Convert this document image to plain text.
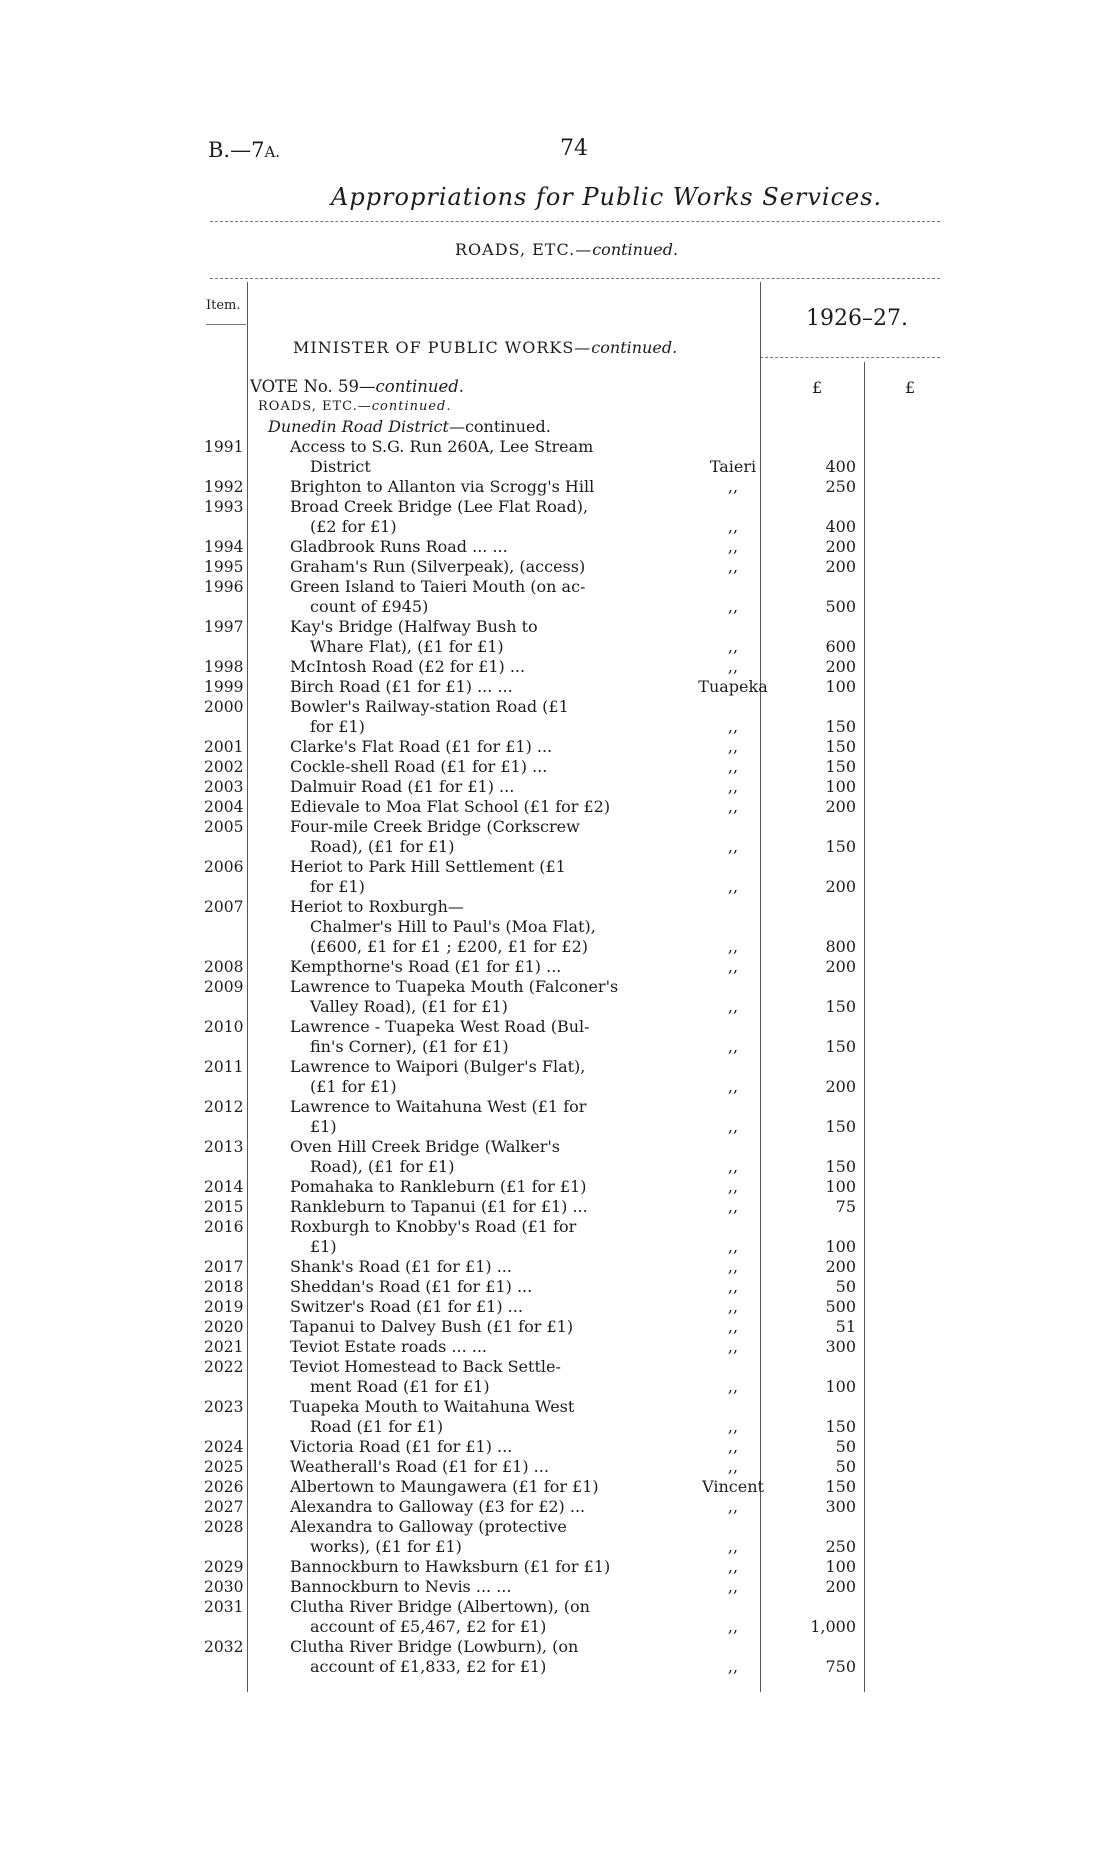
B.—7A.	74
Appropriations for Public Works Services.
ROADS, ETC.—continued.
Item.
1926–27.
MINISTER OF PUBLIC WORKS—continued.
£	£
VOTE No. 59—continued.
ROADS, ETC.—continued.
Dunedin Road District—continued.
1991	Access to S.G. Run 260A, Lee Stream
District	Taieri	400
1992	Brighton to Allanton via Scrogg's Hill	,,	250
1993	Broad Creek Bridge (Lee Flat Road),
(£2 for £1)	,,	400
1994	Gladbrook Runs Road ... ...	,,	200
1995	Graham's Run (Silverpeak), (access)	,,	200
1996	Green Island to Taieri Mouth (on ac-
count of £945)	,,	500
1997	Kay's Bridge (Halfway Bush to
Whare Flat), (£1 for £1)	,,	600
1998	McIntosh Road (£2 for £1) ...	,,	200
1999	Birch Road (£1 for £1) ... ...	Tuapeka	100
2000	Bowler's Railway-station Road (£1
for £1)	,,	150
2001	Clarke's Flat Road (£1 for £1) ...	,,	150
2002	Cockle-shell Road (£1 for £1) ...	,,	150
2003	Dalmuir Road (£1 for £1) ...	,,	100
2004	Edievale to Moa Flat School (£1 for £2)	,,	200
2005	Four-mile Creek Bridge (Corkscrew
Road), (£1 for £1)	,,	150
2006	Heriot to Park Hill Settlement (£1
for £1)	,,	200
2007	Heriot to Roxburgh—
Chalmer's Hill to Paul's (Moa Flat),
(£600, £1 for £1 ; £200, £1 for £2)	,,	800
2008	Kempthorne's Road (£1 for £1) ...	,,	200
2009	Lawrence to Tuapeka Mouth (Falconer's
Valley Road), (£1 for £1)	,,	150
2010	Lawrence - Tuapeka West Road (Bul-
fin's Corner), (£1 for £1)	,,	150
2011	Lawrence to Waipori (Bulger's Flat),
(£1 for £1)	,,	200
2012	Lawrence to Waitahuna West (£1 for
£1)	,,	150
2013	Oven Hill Creek Bridge (Walker's
Road), (£1 for £1)	,,	150
2014	Pomahaka to Rankleburn (£1 for £1)	,,	100
2015	Rankleburn to Tapanui (£1 for £1) ...	,,	75
2016	Roxburgh to Knobby's Road (£1 for
£1)	,,	100
2017	Shank's Road (£1 for £1) ...	,,	200
2018	Sheddan's Road (£1 for £1) ...	,,	50
2019	Switzer's Road (£1 for £1) ...	,,	500
2020	Tapanui to Dalvey Bush (£1 for £1)	,,	51
2021	Teviot Estate roads ... ...	,,	300
2022	Teviot Homestead to Back Settle-
ment Road (£1 for £1)	,,	100
2023	Tuapeka Mouth to Waitahuna West
Road (£1 for £1)	,,	150
2024	Victoria Road (£1 for £1) ...	,,	50
2025	Weatherall's Road (£1 for £1) ...	,,	50
2026	Albertown to Maungawera (£1 for £1)	Vincent	150
2027	Alexandra to Galloway (£3 for £2) ...	,,	300
2028	Alexandra to Galloway (protective
works), (£1 for £1)	,,	250
2029	Bannockburn to Hawksburn (£1 for £1)	,,	100
2030	Bannockburn to Nevis ... ...	,,	200
2031	Clutha River Bridge (Albertown), (on
account of £5,467, £2 for £1)	,,	1,000
2032	Clutha River Bridge (Lowburn), (on
account of £1,833, £2 for £1)	,,	750
